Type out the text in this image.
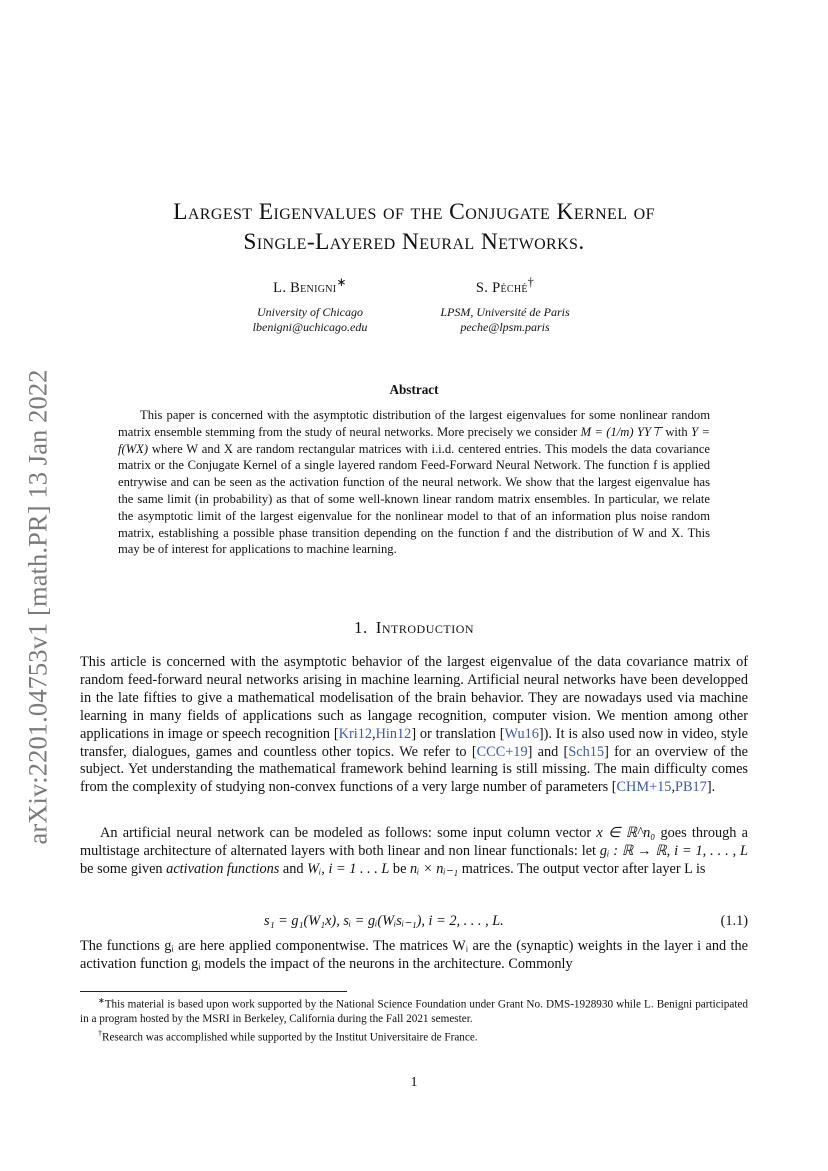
arXiv:2201.04753v1 [math.PR] 13 Jan 2022
Largest Eigenvalues of the Conjugate Kernel of
Single-Layered Neural Networks.
L. Benigni∗
University of Chicago
lbenigni@uchicago.edu
S. Péché†
LPSM, Université de Paris
peche@lpsm.paris
Abstract

This paper is concerned with the asymptotic distribution of the largest eigenvalues for some nonlinear random matrix ensemble stemming from the study of neural networks. More precisely we consider M = (1/m) YY⊤ with Y = f(WX) where W and X are random rectangular matrices with i.i.d. centered entries. This models the data covariance matrix or the Conjugate Kernel of a single layered random Feed-Forward Neural Network. The function f is applied entrywise and can be seen as the activation function of the neural network. We show that the largest eigenvalue has the same limit (in probability) as that of some well-known linear random matrix ensembles. In particular, we relate the asymptotic limit of the largest eigenvalue for the nonlinear model to that of an information plus noise random matrix, establishing a possible phase transition depending on the function f and the distribution of W and X. This may be of interest for applications to machine learning.

1. Introduction

This article is concerned with the asymptotic behavior of the largest eigenvalue of the data covariance matrix of random feed-forward neural networks arising in machine learning. Artificial neural networks have been developped in the late fifties to give a mathematical modelisation of the brain behavior. They are nowadays used via machine learning in many fields of applications such as langage recognition, computer vision. We mention among other applications in image or speech recognition [Kri12,Hin12] or translation [Wu16]). It is also used now in video, style transfer, dialogues, games and countless other topics. We refer to [CCC+19] and [Sch15] for an overview of the subject. Yet understanding the mathematical framework behind learning is still missing. The main difficulty comes from the complexity of studying non-convex functions of a very large number of parameters [CHM+15,PB17].

An artificial neural network can be modeled as follows: some input column vector x ∈ ℝ^n₀ goes through a multistage architecture of alternated layers with both linear and non linear functionals: let gᵢ : ℝ → ℝ, i = 1, . . . , L be some given activation functions and Wᵢ, i = 1 . . . L be nᵢ × nᵢ₋₁ matrices. The output vector after layer L is

s₁ = g₁(W₁x), sᵢ = gᵢ(Wᵢsᵢ₋₁), i = 2, . . . , L.	(1.1)

The functions gᵢ are here applied componentwise. The matrices Wᵢ are the (synaptic) weights in the layer i and the activation function gᵢ models the impact of the neurons in the architecture. Commonly

∗This material is based upon work supported by the National Science Foundation under Grant No. DMS-1928930 while L. Benigni participated in a program hosted by the MSRI in Berkeley, California during the Fall 2021 semester.

†Research was accomplished while supported by the Institut Universitaire de France.

1
